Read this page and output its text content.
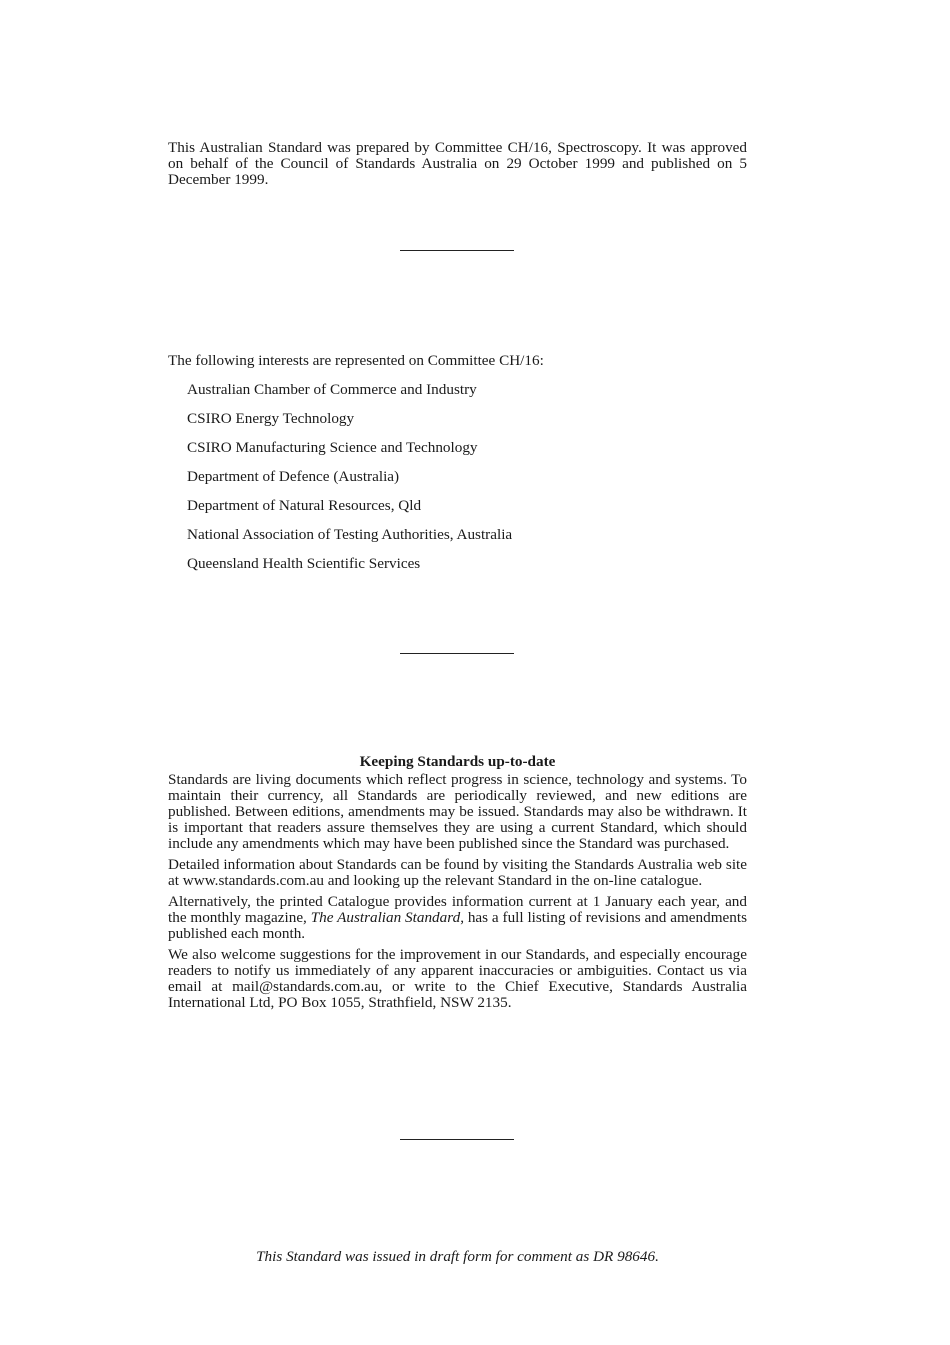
This Australian Standard was prepared by Committee CH/16, Spectroscopy. It was approved on behalf of the Council of Standards Australia on 29 October 1999 and published on 5 December 1999.

The following interests are represented on Committee CH/16:

Australian Chamber of Commerce and Industry
CSIRO Energy Technology
CSIRO Manufacturing Science and Technology
Department of Defence (Australia)
Department of Natural Resources, Qld
National Association of Testing Authorities, Australia
Queensland Health Scientific Services

Keeping Standards up-to-date

Standards are living documents which reflect progress in science, technology and systems. To maintain their currency, all Standards are periodically reviewed, and new editions are published. Between editions, amendments may be issued. Standards may also be withdrawn. It is important that readers assure themselves they are using a current Standard, which should include any amendments which may have been published since the Standard was purchased.

Detailed information about Standards can be found by visiting the Standards Australia web site at www.standards.com.au and looking up the relevant Standard in the on-line catalogue.

Alternatively, the printed Catalogue provides information current at 1 January each year, and the monthly magazine, The Australian Standard, has a full listing of revisions and amendments published each month.

We also welcome suggestions for the improvement in our Standards, and especially encourage readers to notify us immediately of any apparent inaccuracies or ambiguities. Contact us via email at mail@standards.com.au, or write to the Chief Executive, Standards Australia International Ltd, PO Box 1055, Strathfield, NSW 2135.

This Standard was issued in draft form for comment as DR 98646.
